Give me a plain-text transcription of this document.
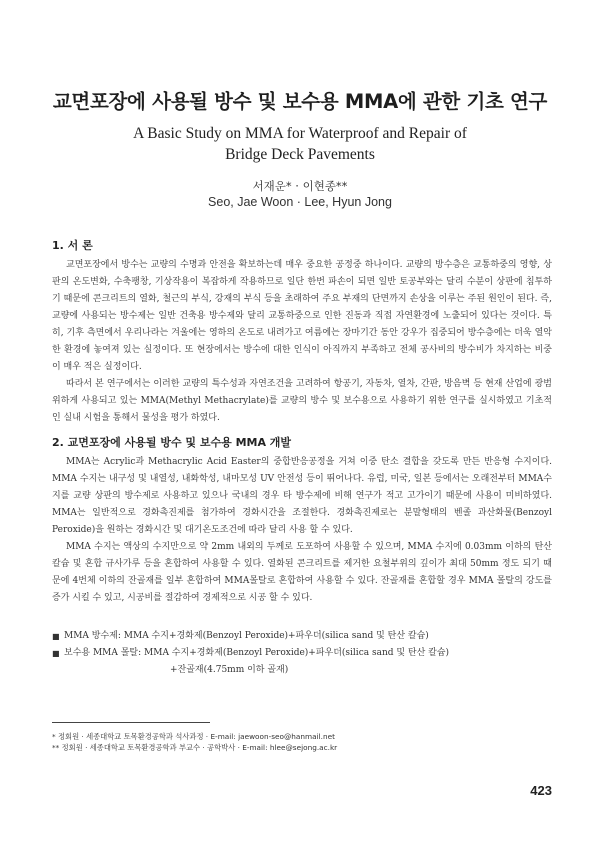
교면포장에 사용될 방수 및 보수용 MMA에 관한 기초 연구
A Basic Study on MMA for Waterproof and Repair of
Bridge Deck Pavements
서재운* · 이현종**
Seo, Jae Woon · Lee, Hyun Jong
1. 서 론

교면포장에서 방수는 교량의 수명과 안전을 확보하는데 매우 중요한 공정중 하나이다. 교량의 방수층은 교통하중의 영향, 상판의 온도변화, 수축팽창, 기상작용이 복잡하게 작용하므로 일단 한번 파손이 되면 일반 토공부와는 달리 수분이 상판에 침투하기 때문에 콘크리트의 열화, 철근의 부식, 강재의 부식 등을 초래하여 주요 부재의 단면까지 손상을 이루는 주된 원인이 된다. 즉, 교량에 사용되는 방수제는 일반 건축용 방수제와 달리 교통하중으로 인한 진동과 직접 자연환경에 노출되어 있다는 것이다. 특히, 기후 측면에서 우리나라는 겨울에는 영하의 온도로 내려가고 여름에는 장마기간 동안 강우가 집중되어 방수층에는 더욱 열악한 환경에 놓여져 있는 실정이다. 또 현장에서는 방수에 대한 인식이 아직까지 부족하고 전체 공사비의 방수비가 차지하는 비중이 매우 적은 실정이다.

따라서 본 연구에서는 이러한 교량의 특수성과 자연조건을 고려하여 항공기, 자동차, 열차, 간판, 방음벽 등 현재 산업에 광범위하게 사용되고 있는 MMA(Methyl Methacrylate)를 교량의 방수 및 보수용으로 사용하기 위한 연구를 실시하였고 기초적인 실내 시험을 통해서 물성을 평가 하였다.

2. 교면포장에 사용될 방수 및 보수용 MMA 개발

MMA는 Acrylic과 Methacrylic Acid Easter의 중합반응공정을 거쳐 이중 탄소 결합을 갖도록 만든 반응형 수지이다. MMA 수지는 내구성 및 내열성, 내화학성, 내마모성 UV 안전성 등이 뛰어나다. 유럽, 미국, 일본 등에서는 오래전부터 MMA수지를 교량 상판의 방수제로 사용하고 있으나 국내의 경우 타 방수제에 비해 연구가 적고 고가이기 때문에 사용이 미비하였다. MMA는 일반적으로 경화촉진제를 첨가하여 경화시간을 조절한다. 경화촉진제로는 분말형태의 벤졸 과산화물(Benzoyl Peroxide)을 원하는 경화시간 및 대기온도조건에 따라 달리 사용 할 수 있다.

MMA 수지는 액상의 수지만으로 약 2mm 내외의 두께로 도포하여 사용할 수 있으며, MMA 수지에 0.03mm 이하의 탄산칼슘 및 혼합 규사가루 등을 혼합하여 사용할 수 있다. 열화된 콘크리트를 제거한 요철부위의 깊이가 최대 50mm 정도 되기 때문에 4번체 이하의 잔골재를 일부 혼합하여 MMA몰탈로 혼합하여 사용할 수 있다. 잔골재를 혼합할 경우 MMA 몰탈의 강도를 증가 시킬 수 있고, 시공비를 절감하여 경제적으로 시공 할 수 있다.

■ MMA 방수제: MMA 수지+경화제(Benzoyl Peroxide)+파우더(silica sand 및 탄산 칼슘)
■ 보수용 MMA 몰탈: MMA 수지+경화제(Benzoyl Peroxide)+파우더(silica sand 및 탄산 칼슘)
+잔골재(4.75mm 이하 골재)
* 정회원 · 세종대학교 토목환경공학과 석사과정 · E-mail: jaewoon-seo@hanmail.net
** 정회원 · 세종대학교 토목환경공학과 부교수 · 공학박사 · E-mail: hlee@sejong.ac.kr
423
